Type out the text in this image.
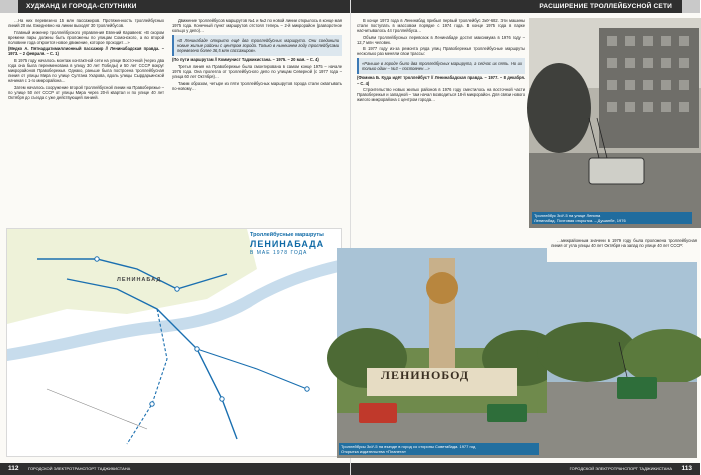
ХУДЖАНД И ГОРОДА-СПУТНИКИ

…На них перевезено 15 млн пассажиров. Протяженность троллейбусных линий 20 км. Ежедневно на линии выходят 30 троллейбусов.

Главный инженер троллейбусного управления Евгений Каравеев: «В скором времени пары должны быть проложены по улицам Сомонского, а во второй половине года откроется новое движение, которое проходит…»

(Медко А. Пятнадцатимиллионный пассажир // Ленинабадская правда. – 1973. – 2 февраля. – С. 1)

В 1975 году началось монтаж контактной сети на улице Восточной (через два года она была переименована в улицу 30 лет Победы) и 50 лет СССР вокруг микрорайонов Правобережья. Однако, раньше была построена троллейбусная линия от улицы Мира по улице Султана Ухарова, вдоль улицы Сырдарьинской начиная с 1-го микрорайона…

Затем началось сооружение второй троллейбусной линии на Правобережье – по улице 50 лет СССР от улицы Мира через 20-й квартал и по улице 40 лет Октября до съезда с уже действующей линией.

Движение троллейбусов маршрутов №1 и №2 по новой линии открылось в конце мая 1975 года. Конечный пункт маршрутов отстоял теперь – 2-й микрорайон (разворотное кольцо у депо)…

«В Ленинабаде открыто ещё два троллейбусных маршрута. Они соединили новые жилые районы с центром города. Только в нынешнем году троллейбусами перевезено более 36,5 млн пассажиров».

(По пути маршрутам // Коммунист Таджикистана. – 1975. – 20 мая. – С. 4)

Третья линия на Правобережье была смонтирована в самом конце 1975 – начале 1976 года. Она пролегла от троллейбусного депо по улицам Северной (с 1977 года – улица 60 лет Октября)…

Таким образом, четыре из пяти троллейбусных маршрутов города стали охватывать по-новому…

ЛЕНИНАБАД
Троллейбусные маршруты
ЛЕНИНАБАДА
В МАЕ 1978 ГОДА
112 ГОРОДСКОЙ ЭЛЕКТРОТРАНСПОРТ ТАДЖИКИСТАНА
РАСШИРЕНИЕ ТРОЛЛЕЙБУСНОЙ СЕТИ

В конце 1973 года в Ленинабад прибыл первый троллейбус ЗиУ-682. Эти машины стали поступать в массовом порядке с 1974 года. В конце 1975 года в парке насчитывалось 44 троллейбуса…

Объём троллейбусных перевозок в Ленинабаде достиг максимума в 1976 году – 12,7 млн человек.

В 1977 году из-за ремонта ряда улиц Правобережья троллейбусные маршруты несколько раз меняли свои трассы:

«Раньше в городе было два троллейбусных маршрута, а сейчас их пять. Но их только один – №3 – постоянен…»

(Фомина Б. Куда идёт троллейбус? // Ленинабадская правда. – 1977. – 8 декабря. – С. 4)

Строительство новых жилых районов в 1976 году сместилось на восточной части Правобережья и западной – там начал возводиться 18-й микрорайон. Для связи нового жилого микрорайона с центром города…

Троллейбус ЗиУ-5 на улице Ленина
Ленинабад. Почтовая открытка. – Душанбе, 1976
ЛЕНИНОБОД
Троллейбусы ЗиУ-5 на въезде в город со стороны Советабада. 1977 год
Открытка издательства «Планета»

…межрайонным значени в 1979 году была проложена троллейбусная линия от угла улицы 40 лет Октября на запад по улице 40 лет СССР:

ГОРОДСКОЙ ЭЛЕКТРОТРАНСПОРТ ТАДЖИКИСТАНА 113
